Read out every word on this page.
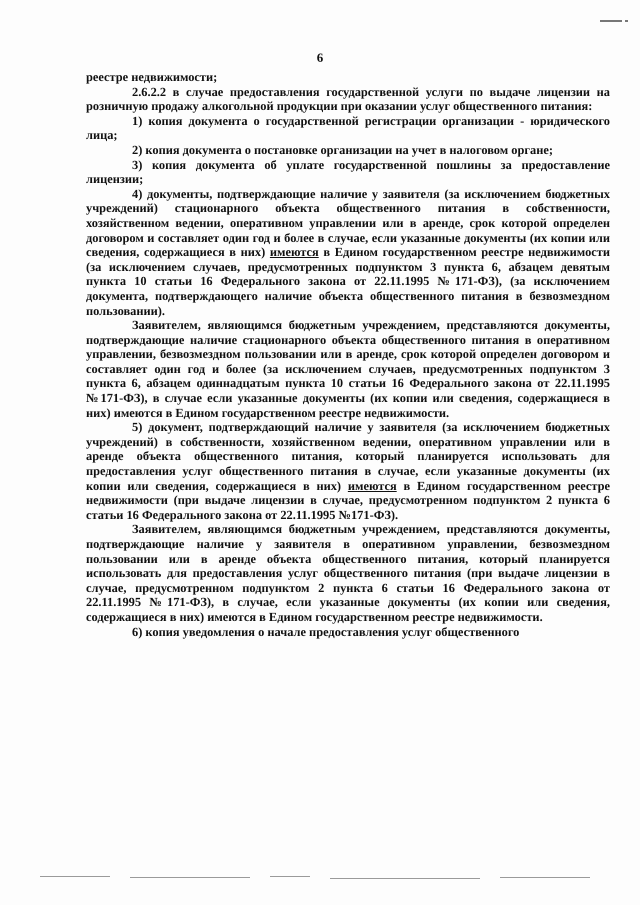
6

реестре недвижимости;

2.6.2.2 в случае предоставления государственной услуги по выдаче лицензии на розничную продажу алкогольной продукции при оказании услуг общественного питания:

1) копия документа о государственной регистрации организации - юридического лица;

2) копия документа о постановке организации на учет в налоговом органе;

3) копия документа об уплате государственной пошлины за предоставление лицензии;

4) документы, подтверждающие наличие у заявителя (за исключением бюджетных учреждений) стационарного объекта общественного питания в собственности, хозяйственном ведении, оперативном управлении или в аренде, срок которой определен договором и составляет один год и более в случае, если указанные документы (их копии или сведения, содержащиеся в них) имеются в Едином государственном реестре недвижимости (за исключением случаев, предусмотренных подпунктом 3 пункта 6, абзацем девятым пункта 10 статьи 16 Федерального закона от 22.11.1995 №171-ФЗ), (за исключением документа, подтверждающего наличие объекта общественного питания в безвозмездном пользовании).

Заявителем, являющимся бюджетным учреждением, представляются документы, подтверждающие наличие стационарного объекта общественного питания в оперативном управлении, безвозмездном пользовании или в аренде, срок которой определен договором и составляет один год и более (за исключением случаев, предусмотренных подпунктом 3 пункта 6, абзацем одиннадцатым пункта 10 статьи 16 Федерального закона от 22.11.1995 №171-ФЗ), в случае если указанные документы (их копии или сведения, содержащиеся в них) имеются в Едином государственном реестре недвижимости.

5) документ, подтверждающий наличие у заявителя (за исключением бюджетных учреждений) в собственности, хозяйственном ведении, оперативном управлении или в аренде объекта общественного питания, который планируется использовать для предоставления услуг общественного питания в случае, если указанные документы (их копии или сведения, содержащиеся в них) имеются в Едином государственном реестре недвижимости (при выдаче лицензии в случае, предусмотренном подпунктом 2 пункта 6 статьи 16 Федерального закона от 22.11.1995 №171-ФЗ).

Заявителем, являющимся бюджетным учреждением, представляются документы, подтверждающие наличие у заявителя в оперативном управлении, безвозмездном пользовании или в аренде объекта общественного питания, который планируется использовать для предоставления услуг общественного питания (при выдаче лицензии в случае, предусмотренном подпунктом 2 пункта 6 статьи 16 Федерального закона от 22.11.1995 №171-ФЗ), в случае, если указанные документы (их копии или сведения, содержащиеся в них) имеются в Едином государственном реестре недвижимости.

6) копия уведомления о начале предоставления услуг общественного
